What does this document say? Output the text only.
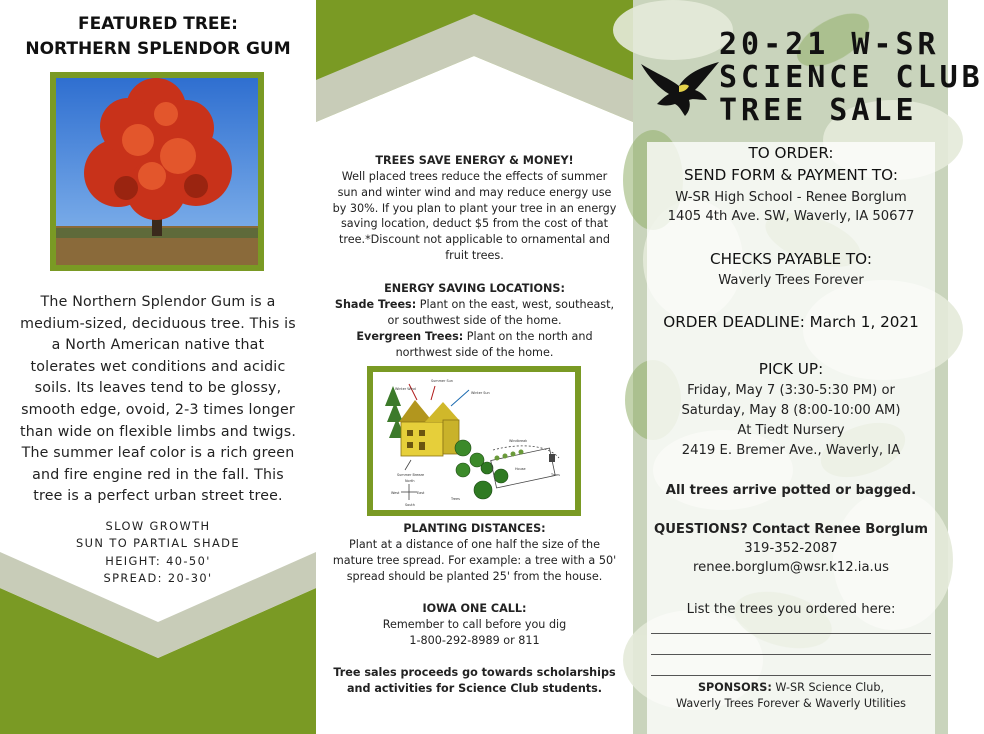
FEATURED TREE:
NORTHERN SPLENDOR GUM
The Northern Splendor Gum is a medium-sized, deciduous tree. This is a North American native that tolerates wet conditions and acidic soils. Its leaves tend to be glossy, smooth edge, ovoid, 2-3 times longer than wide on flexible limbs and twigs. The summer leaf color is a rich green and fire engine red in the fall. This tree is a perfect urban street tree.
SLOW GROWTH
SUN TO PARTIAL SHADE
HEIGHT: 40-50'
SPREAD: 20-30'
TREES SAVE ENERGY & MONEY!
Well placed trees reduce the effects of summer sun and winter wind and may reduce energy use by 30%. If you plan to plant your tree in an energy saving location, deduct $5 from the cost of that tree.*Discount not applicable to ornamental and fruit trees.
ENERGY SAVING LOCATIONS:
Shade Trees: Plant on the east, west, southeast, or southwest side of the home.
Evergreen Trees: Plant on the north and northwest side of the home.
Winter Wind
Summer Sun
Winter Sun
Summer Breeze
Windbreak
House
Trees
Trees
North
East
West
South
PLANTING DISTANCES:
Plant at a distance of one half the size of the mature tree spread. For example: a tree with a 50' spread should be planted 25' from the house.
IOWA ONE CALL:
Remember to call before you dig
1-800-292-8989 or 811
Tree sales proceeds go towards scholarships
and activities for Science Club students.
20-21 W-SR
SCIENCE CLUB
TREE SALE
TO ORDER:
SEND FORM & PAYMENT TO:
W-SR High School - Renee Borglum
1405 4th Ave. SW, Waverly, IA 50677
CHECKS PAYABLE TO:
Waverly Trees Forever
ORDER DEADLINE: March 1, 2021
PICK UP:
Friday, May 7 (3:30-5:30 PM) or
Saturday, May 8 (8:00-10:00 AM)
At Tiedt Nursery
2419 E. Bremer Ave., Waverly, IA
All trees arrive potted or bagged.
QUESTIONS? Contact Renee Borglum
319-352-2087
renee.borglum@wsr.k12.ia.us
List the trees you ordered here:
SPONSORS: W-SR Science Club,
Waverly Trees Forever & Waverly Utilities
